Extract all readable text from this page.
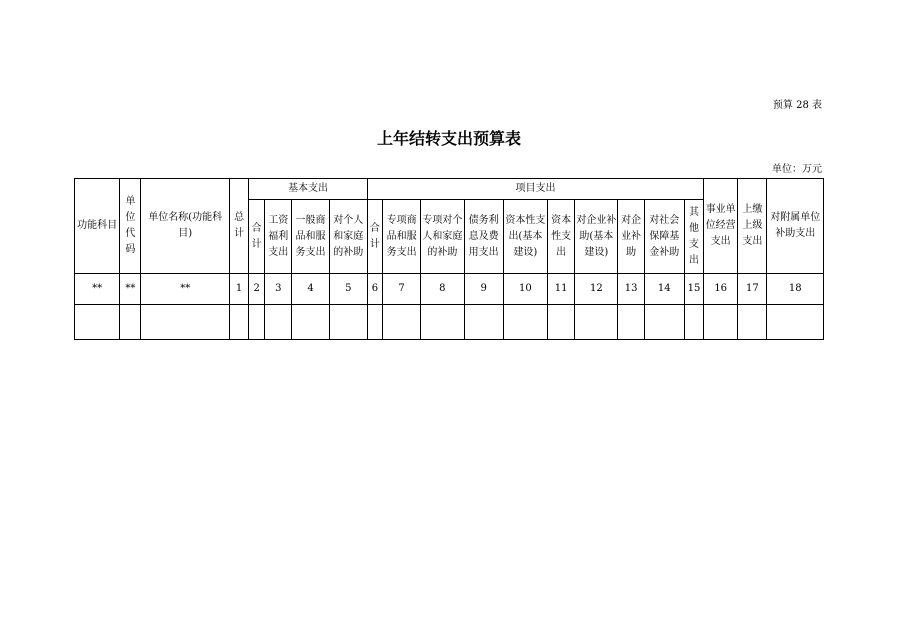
预算 28 表
上年结转支出预算表
单位：万元
功能科目	单位代码	单位名称(功能科目)	总计	基本支出				项目支出										事业单位经营支出	上缴上级支出	对附属单位补助支出
				合计	工资福利支出	一般商品和服务支出	对个人和家庭的补助	合计	专项商品和服务支出	专项对个人和家庭的补助	债务利息及费用支出	资本性支出(基本建设)	资本性支出	对企业补助(基本建设)	对企业补助	对社会保障基金补助	其他支出			
**	**	**	1	2	3	4	5	6	7	8	9	10	11	12	13	14	15	16	17	18
